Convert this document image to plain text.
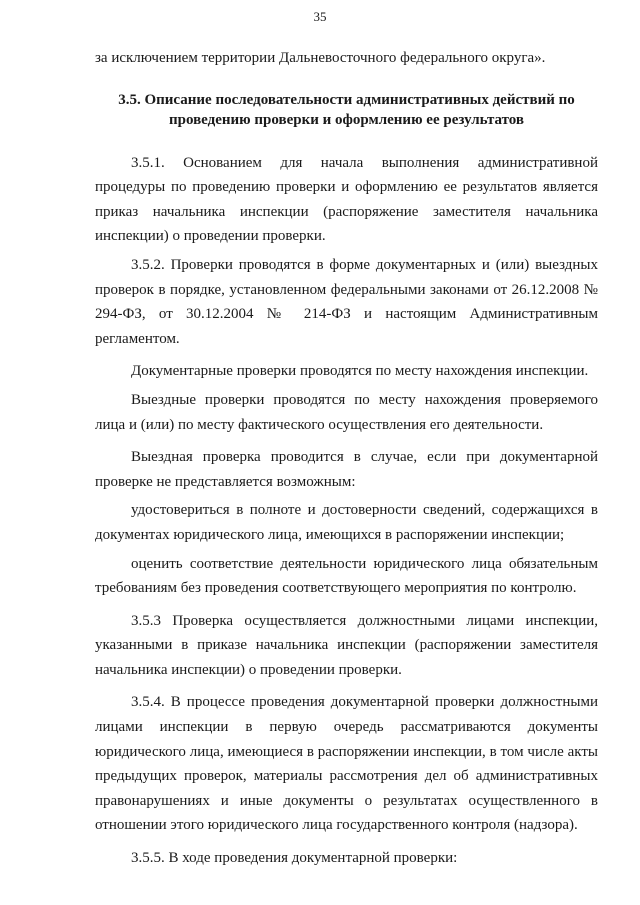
35

за исключением территории Дальневосточного федерального округа».

3.5. Описание последовательности административных действий по проведению проверки и оформлению ее результатов

3.5.1. Основанием для начала выполнения административной процедуры по проведению проверки и оформлению ее результатов является приказ начальника инспекции (распоряжение заместителя начальника инспекции) о проведении проверки.

3.5.2. Проверки проводятся в форме документарных и (или) выездных проверок в порядке, установленном федеральными законами от 26.12.2008 № 294-ФЗ, от 30.12.2004 № 214-ФЗ и настоящим Административным регламентом.

Документарные проверки проводятся по месту нахождения инспекции.

Выездные проверки проводятся по месту нахождения проверяемого лица и (или) по месту фактического осуществления его деятельности.

Выездная проверка проводится в случае, если при документарной проверке не представляется возможным:

удостовериться в полноте и достоверности сведений, содержащихся в документах юридического лица, имеющихся в распоряжении инспекции;

оценить соответствие деятельности юридического лица обязательным требованиям без проведения соответствующего мероприятия по контролю.

3.5.3 Проверка осуществляется должностными лицами инспекции, указанными в приказе начальника инспекции (распоряжении заместителя начальника инспекции) о проведении проверки.

3.5.4. В процессе проведения документарной проверки должностными лицами инспекции в первую очередь рассматриваются документы юридического лица, имеющиеся в распоряжении инспекции, в том числе акты предыдущих проверок, материалы рассмотрения дел об административных правонарушениях и иные документы о результатах осуществленного в отношении этого юридического лица государственного контроля (надзора).

3.5.5. В ходе проведения документарной проверки:
